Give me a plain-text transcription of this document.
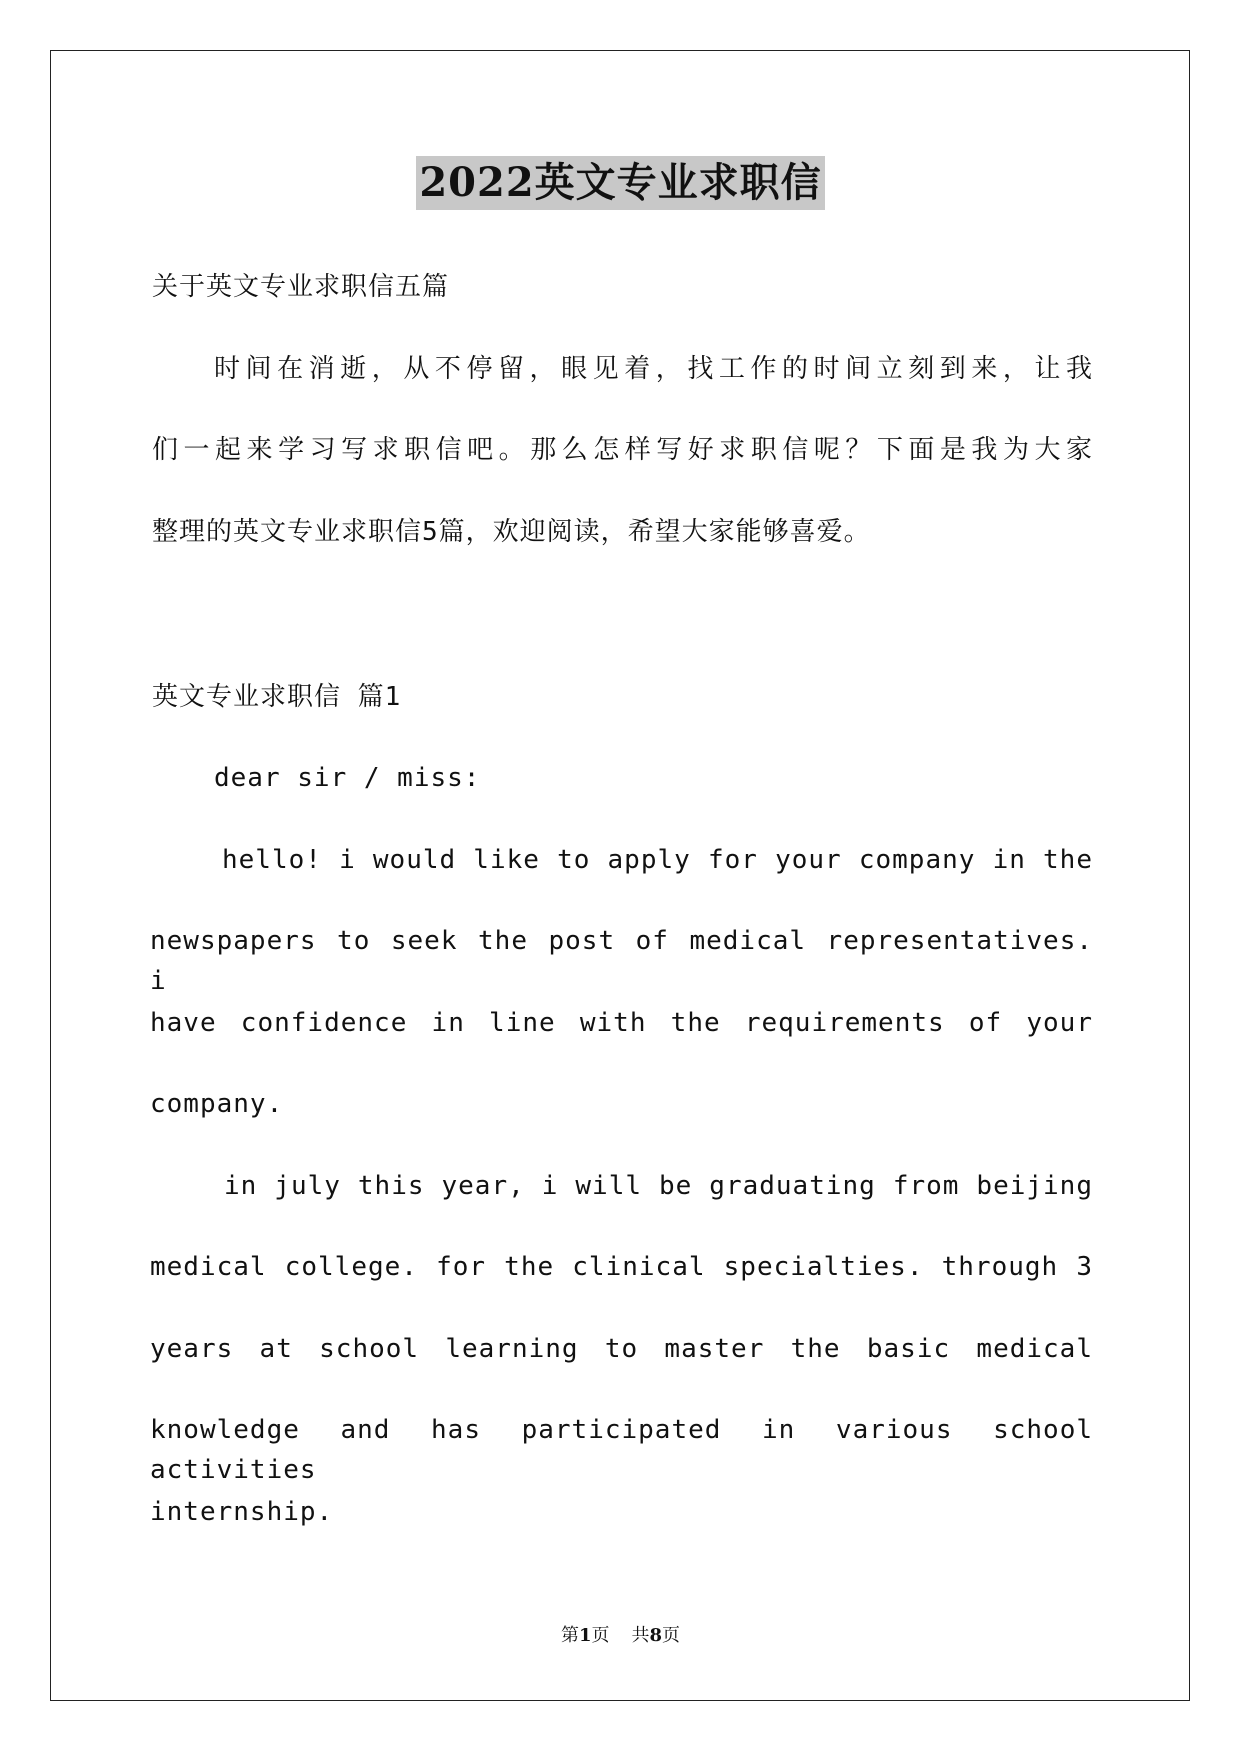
2022英文专业求职信
关于英文专业求职信五篇
时间在消逝，从不停留，眼见着，找工作的时间立刻到来，让我
们一起来学习写求职信吧。那么怎样写好求职信呢？下面是我为大家
整理的英文专业求职信5篇，欢迎阅读，希望大家能够喜爱。
英文专业求职信 篇1
dear sir / miss:
hello! i would like to apply for your company in the
newspapers to seek the post of medical representatives. i
have confidence in line with the requirements of your
company.
in july this year, i will be graduating from beijing
medical college. for the clinical specialties. through 3
years at school learning to master the basic medical
knowledge and has participated in various school activities
internship.
第1页 共8页
